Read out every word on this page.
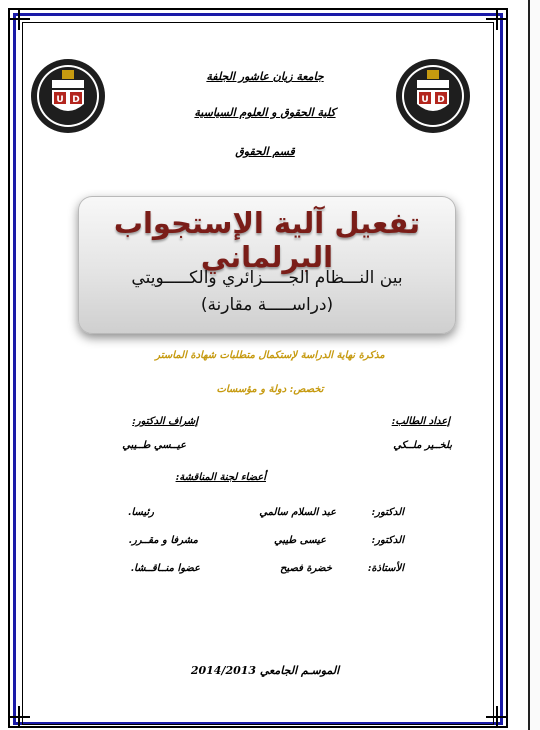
U D	U D
جامعة زيان عاشور الجلفة
كلية الحقوق و العلوم السياسية
قسم الحقوق
تفعيل آلية الإستجواب البرلماني
بين النـــظام الجـــــزائري والكـــــويتي
(دراســـــة مقارنة)
مذكرة نهاية الدراسة لإستكمال متطلبات شهادة الماستر
تخصص: دولة و مؤسسات
إعداد الطالب:
بلخــير ملــكي
إشراف الدكتور:
عيــسي طــيبي
أعضاء لجنة المناقشة:
الدكتور:
عبد السلام سالمي
رئيسا.
الدكتور:
عيسى طيبي
مشرفا و مقــرر.
الأستاذة:
خضرة فصيح
عضوا منــاقــشا.
الموسـم الجامعي 2014/2013
